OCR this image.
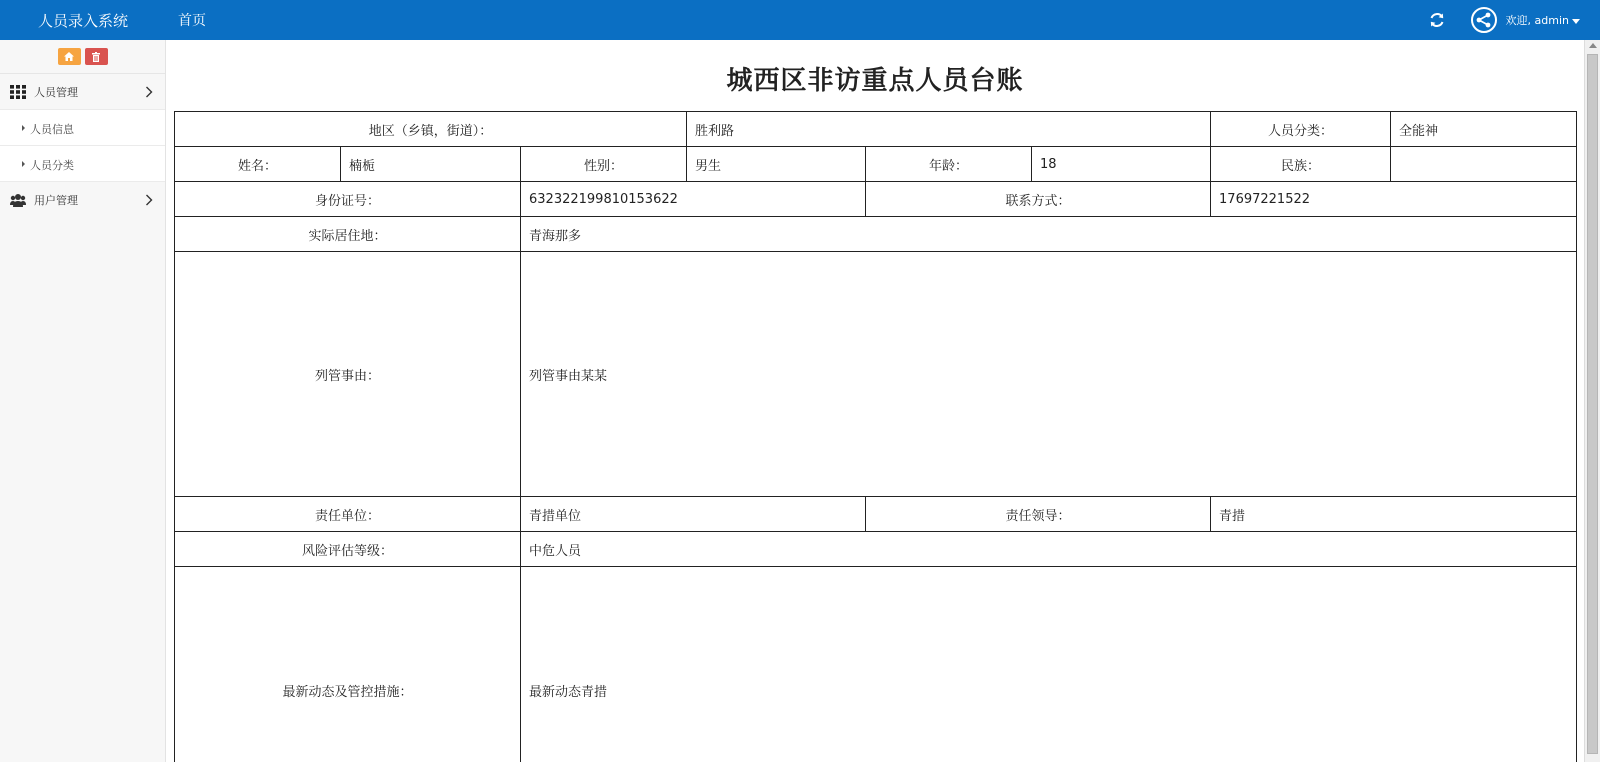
人员录入系统	首页	欢迎, admin
人员管理
人员信息
人员分类
用户管理
城西区非访重点人员台账
地区（乡镇，街道）：			胜利路			人员分类：	全能神
姓名：	楠栀	性别：	男生	年龄：	18	民族：	
身份证号：		632322199810153622		联系方式：		17697221522	
实际居住地：		青海那多					
列管事由：		列管事由某某					
责任单位：		青措单位		责任领导：		青措	
风险评估等级：		中危人员					
最新动态及管控措施：		最新动态青措					
